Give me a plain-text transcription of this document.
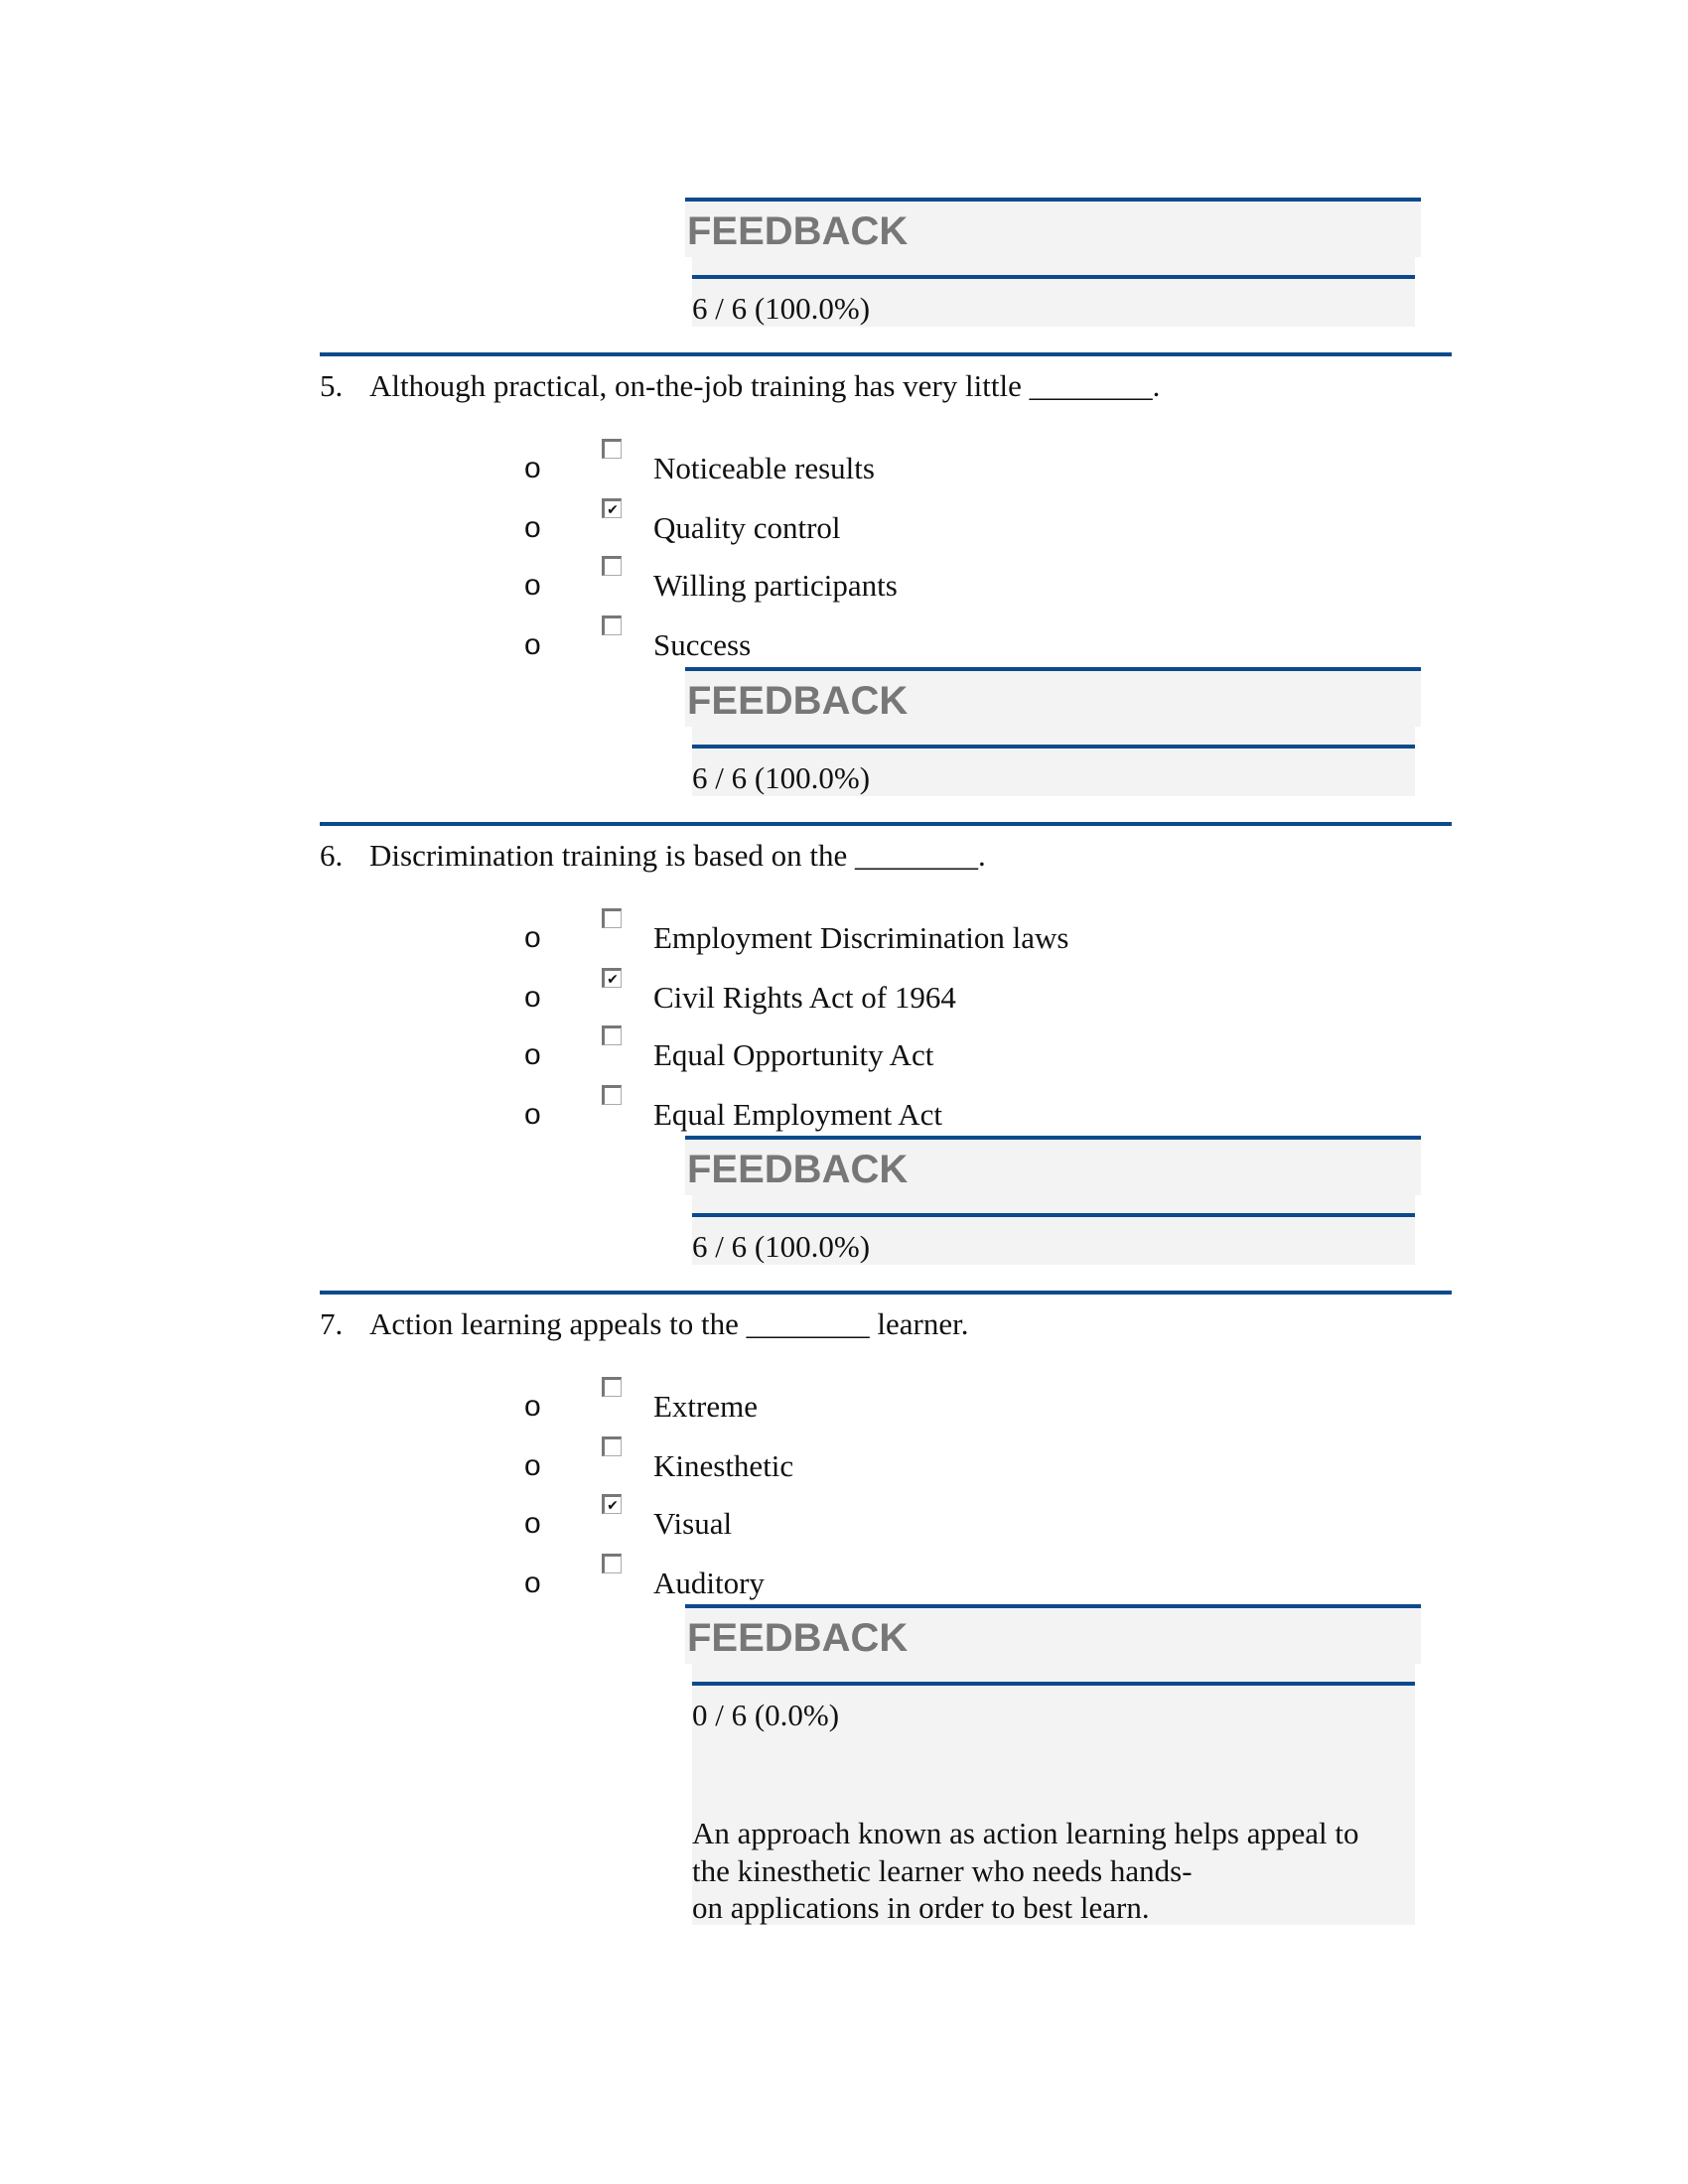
FEEDBACK
6 / 6 (100.0%)
5. Although practical, on-the-job training has very little ________.
o	Noticeable results
o
✔ Quality control
o	Willing participants
o	Success
FEEDBACK
6 / 6 (100.0%)
6. Discrimination training is based on the ________.
o	Employment Discrimination laws
o
✔ Civil Rights Act of 1964
o	Equal Opportunity Act
o	Equal Employment Act
FEEDBACK
6 / 6 (100.0%)
7. Action learning appeals to the ________ learner.
o	Extreme
o	Kinesthetic
o
✔ Visual
o	Auditory
FEEDBACK
0 / 6 (0.0%)
An approach known as action learning helps appeal to
the kinesthetic learner who needs hands-
on applications in order to best learn.
